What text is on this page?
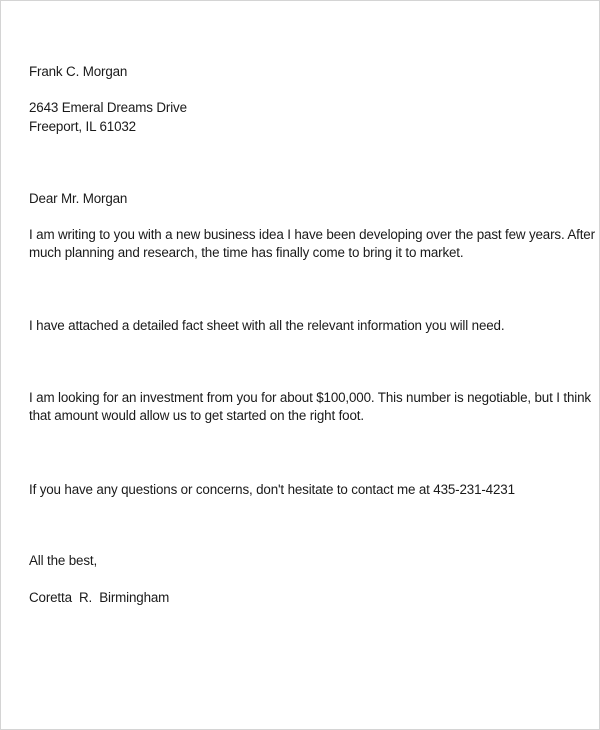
Frank C. Morgan
2643 Emeral Dreams Drive
Freeport, IL 61032
Dear Mr. Morgan
I am writing to you with a new business idea I have been developing over the past few years. After
much planning and research, the time has finally come to bring it to market.
I have attached a detailed fact sheet with all the relevant information you will need.
I am looking for an investment from you for about $100,000. This number is negotiable, but I think
that amount would allow us to get started on the right foot.
If you have any questions or concerns, don't hesitate to contact me at 435-231-4231
All the best,
Coretta  R.  Birmingham
